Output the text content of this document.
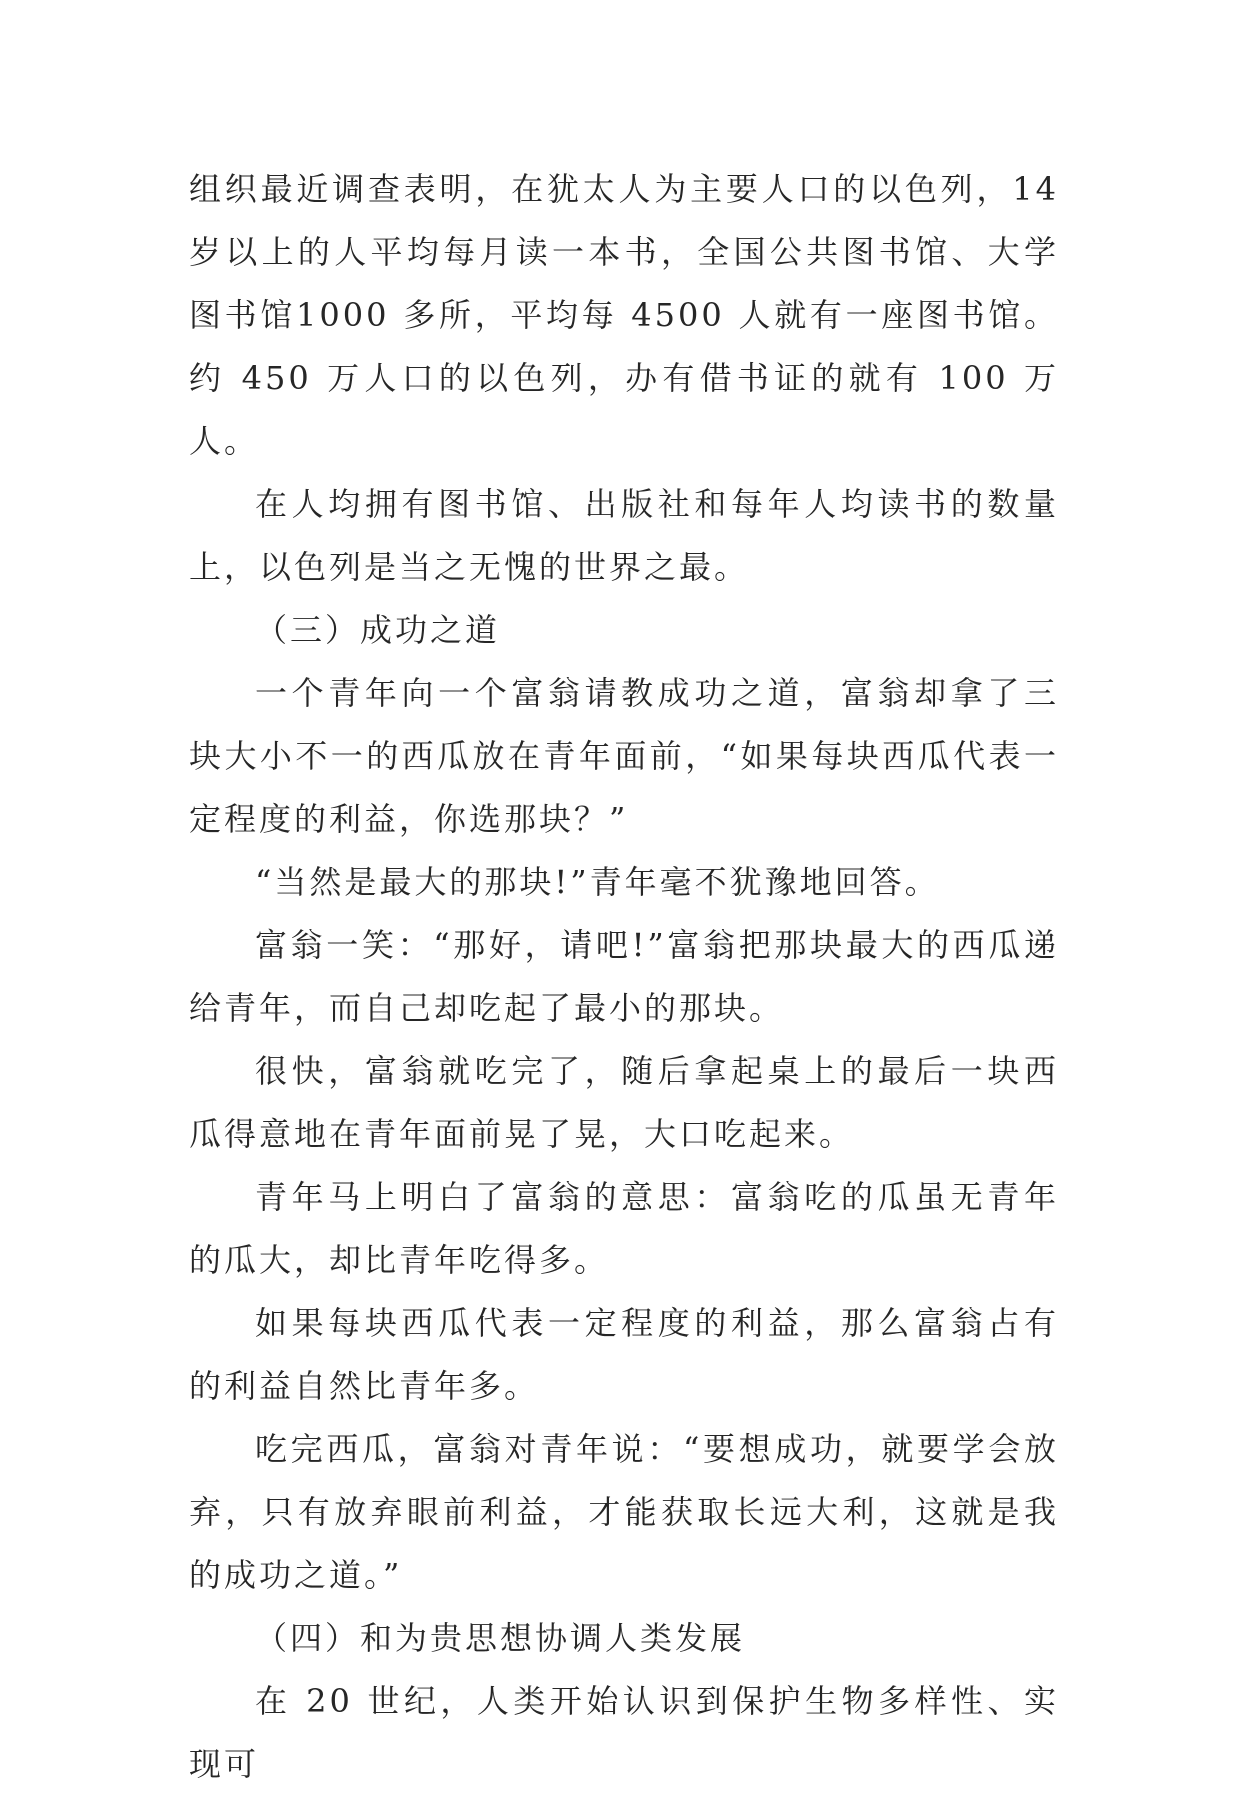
组织最近调查表明，在犹太人为主要人口的以色列，14 岁以上的人平均每月读一本书，全国公共图书馆、大学图书馆1000 多所，平均每 4500 人就有一座图书馆。约 450 万人口的以色列，办有借书证的就有 100 万人。

在人均拥有图书馆、出版社和每年人均读书的数量上，以色列是当之无愧的世界之最。

（三）成功之道

一个青年向一个富翁请教成功之道，富翁却拿了三块大小不一的西瓜放在青年面前，“如果每块西瓜代表一定程度的利益，你选那块？”

“当然是最大的那块!”青年毫不犹豫地回答。

富翁一笑：“那好，请吧!”富翁把那块最大的西瓜递给青年，而自己却吃起了最小的那块。

很快，富翁就吃完了，随后拿起桌上的最后一块西瓜得意地在青年面前晃了晃，大口吃起来。

青年马上明白了富翁的意思：富翁吃的瓜虽无青年的瓜大，却比青年吃得多。

如果每块西瓜代表一定程度的利益，那么富翁占有的利益自然比青年多。

吃完西瓜，富翁对青年说：“要想成功，就要学会放弃，只有放弃眼前利益，才能获取长远大利，这就是我的成功之道。”

（四）和为贵思想协调人类发展

在 20 世纪，人类开始认识到保护生物多样性、实现可
